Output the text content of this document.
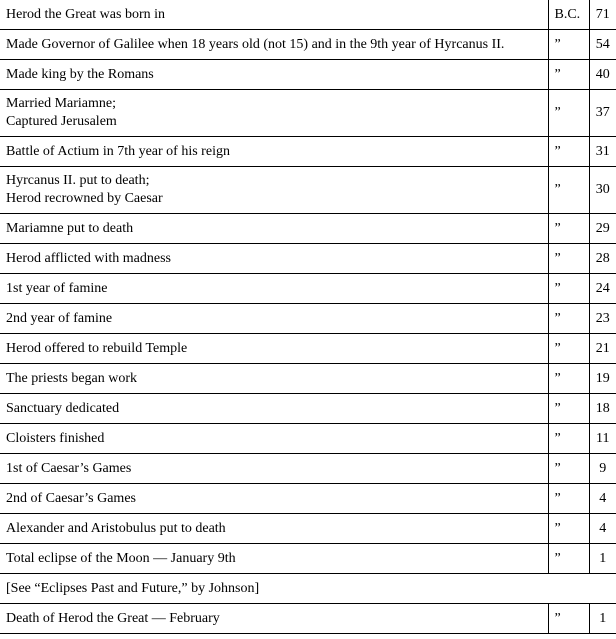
Herod the Great was born in	B.C.	71
Made Governor of Galilee when 18 years old (not 15) and in the 9th year of Hyrcanus II.	”	54
Made king by the Romans	”	40
Married Mariamne;
Captured Jerusalem	”	37
Battle of Actium in 7th year of his reign	”	31
Hyrcanus II. put to death;
Herod recrowned by Caesar	”	30
Mariamne put to death	”	29
Herod afflicted with madness	”	28
1st year of famine	”	24
2nd year of famine	”	23
Herod offered to rebuild Temple	”	21
The priests began work	”	19
Sanctuary dedicated	”	18
Cloisters finished	”	11
1st of Caesar’s Games	”	9
2nd of Caesar’s Games	”	4
Alexander and Aristobulus put to death	”	4
Total eclipse of the Moon — January 9th	”	1
[See “Eclipses Past and Future,” by Johnson]		
Death of Herod the Great — February	”	1
